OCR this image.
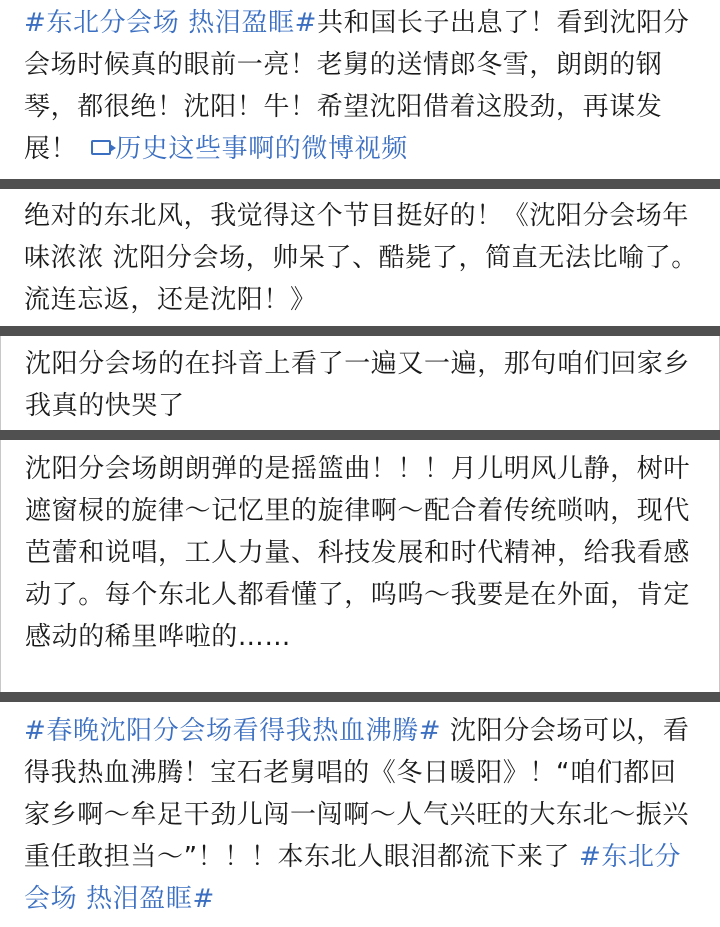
#东北分会场 热泪盈眶#共和国长子出息了！看到沈阳分会场时候真的眼前一亮！老舅的送情郎冬雪，朗朗的钢琴，都很绝！沈阳！牛！希望沈阳借着这股劲，再谋发展！ 历史这些事啊的微博视频
绝对的东北风，我觉得这个节目挺好的！《沈阳分会场年味浓浓 沈阳分会场，帅呆了、酷毙了，简直无法比喻了。流连忘返，还是沈阳！》
沈阳分会场的在抖音上看了一遍又一遍，那句咱们回家乡我真的快哭了
沈阳分会场朗朗弹的是摇篮曲！！！月儿明风儿静，树叶遮窗棂的旋律～记忆里的旋律啊～配合着传统唢呐，现代芭蕾和说唱，工人力量、科技发展和时代精神，给我看感动了。每个东北人都看懂了，呜呜～我要是在外面，肯定感动的稀里哗啦的……
#春晚沈阳分会场看得我热血沸腾# 沈阳分会场可以，看得我热血沸腾！宝石老舅唱的《冬日暖阳》！“咱们都回家乡啊～牟足干劲儿闯一闯啊～人气兴旺的大东北～振兴重任敢担当～”！！！本东北人眼泪都流下来了 #东北分会场 热泪盈眶#
